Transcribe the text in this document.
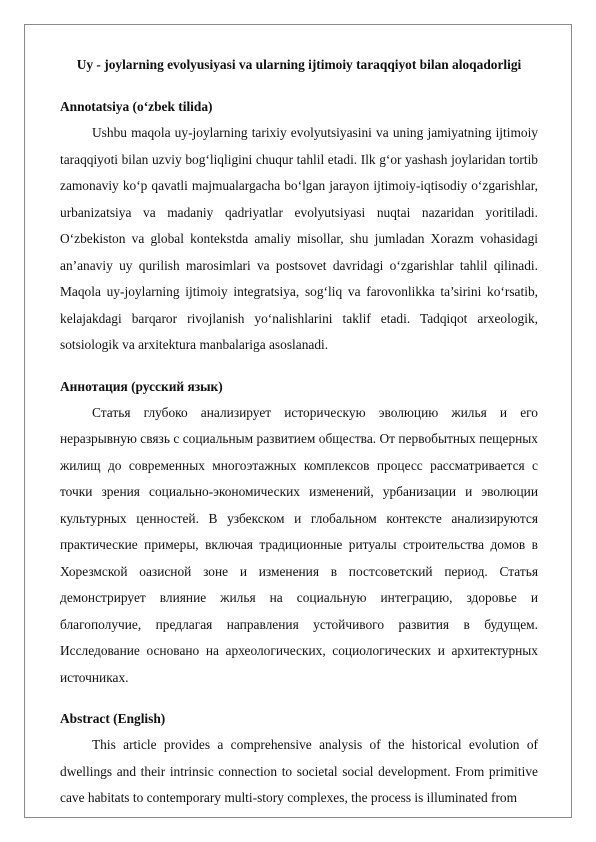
Uy - joylarning evolyusiyasi va ularning ijtimoiy taraqqiyot bilan aloqadorligi
Annotatsiya (o‘zbek tilida)

Ushbu maqola uy-joylarning tarixiy evolyutsiyasini va uning jamiyatning ijtimoiy taraqqiyoti bilan uzviy bog‘liqligini chuqur tahlil etadi. Ilk g‘or yashash joylaridan tortib zamonaviy ko‘p qavatli majmualargacha bo‘lgan jarayon ijtimoiy-iqtisodiy o‘zgarishlar, urbanizatsiya va madaniy qadriyatlar evolyutsiyasi nuqtai nazaridan yoritiladi. O‘zbekiston va global kontekstda amaliy misollar, shu jumladan Xorazm vohasidagi an’anaviy uy qurilish marosimlari va postsovet davridagi o‘zgarishlar tahlil qilinadi. Maqola uy-joylarning ijtimoiy integratsiya, sog‘liq va farovonlikka ta’sirini ko‘rsatib, kelajakdagi barqaror rivojlanish yo‘nalishlarini taklif etadi. Tadqiqot arxeologik, sotsiologik va arxitektura manbalariga asoslanadi.

Аннотация (русский язык)

Статья глубоко анализирует историческую эволюцию жилья и его неразрывную связь с социальным развитием общества. От первобытных пещерных жилищ до современных многоэтажных комплексов процесс рассматривается с точки зрения социально-экономических изменений, урбанизации и эволюции культурных ценностей. В узбекском и глобальном контексте анализируются практические примеры, включая традиционные ритуалы строительства домов в Хорезмской оазисной зоне и изменения в постсоветский период. Статья демонстрирует влияние жилья на социальную интеграцию, здоровье и благополучие, предлагая направления устойчивого развития в будущем. Исследование основано на археологических, социологических и архитектурных источниках.

Abstract (English)

This article provides a comprehensive analysis of the historical evolution of dwellings and their intrinsic connection to societal social development. From primitive cave habitats to contemporary multi-story complexes, the process is illuminated from
